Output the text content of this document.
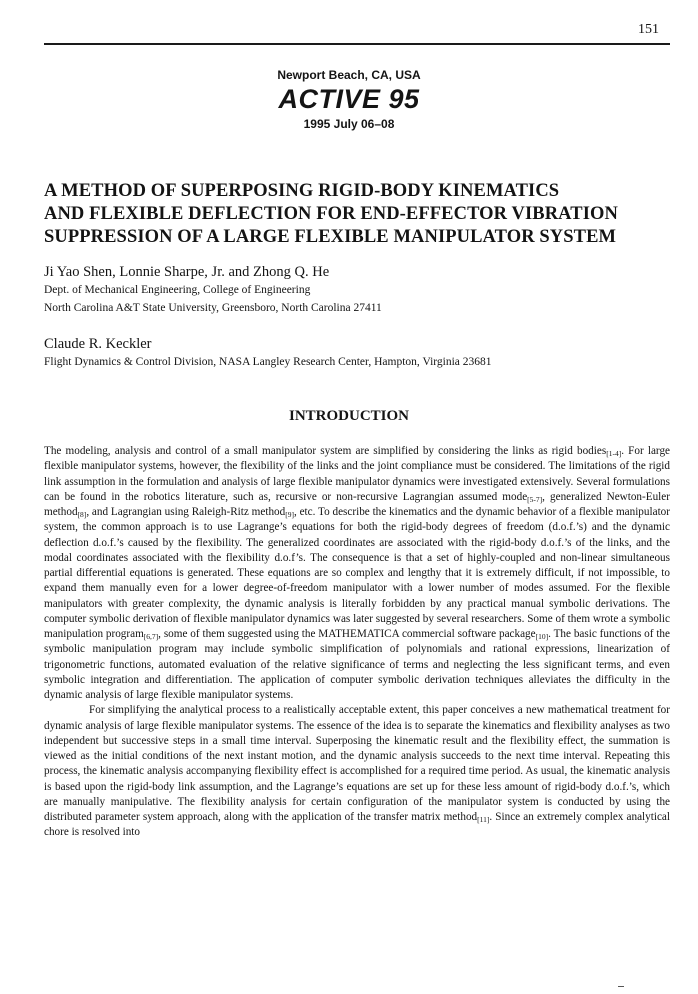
151
Newport Beach, CA, USA
ACTIVE 95
1995 July 06–08
A METHOD OF SUPERPOSING RIGID-BODY KINEMATICS
AND FLEXIBLE DEFLECTION FOR END-EFFECTOR VIBRATION
SUPPRESSION OF A LARGE FLEXIBLE MANIPULATOR SYSTEM
Ji Yao Shen, Lonnie Sharpe, Jr. and Zhong Q. He
Dept. of Mechanical Engineering, College of Engineering
North Carolina A&T State University, Greensboro, North Carolina 27411
Claude R. Keckler
Flight Dynamics & Control Division, NASA Langley Research Center, Hampton, Virginia 23681
INTRODUCTION

The modeling, analysis and control of a small manipulator system are simplified by considering the links as rigid bodies$_{[1-4]}$. For large flexible manipulator systems, however, the flexibility of the links and the joint compliance must be considered. The limitations of the rigid link assumption in the formulation and analysis of large flexible manipulator dynamics were investigated extensively. Several formulations can be found in the robotics literature, such as, recursive or non-recursive Lagrangian assumed mode$_{[5-7]}$, generalized Newton-Euler method$_{[8]}$, and Lagrangian using Raleigh-Ritz method$_{[9]}$, etc. To describe the kinematics and the dynamic behavior of a flexible manipulator system, the common approach is to use Lagrange’s equations for both the rigid-body degrees of freedom (d.o.f.’s) and the dynamic deflection d.o.f.’s caused by the flexibility. The generalized coordinates are associated with the rigid-body d.o.f.’s of the links, and the modal coordinates associated with the flexibility d.o.f’s. The consequence is that a set of highly-coupled and non-linear simultaneous partial differential equations is generated. These equations are so complex and lengthy that it is extremely difficult, if not impossible, to expand them manually even for a lower degree-of-freedom manipulator with a lower number of modes assumed. For the flexible manipulators with greater complexity, the dynamic analysis is literally forbidden by any practical manual symbolic derivations. The computer symbolic derivation of flexible manipulator dynamics was later suggested by several researchers. Some of them wrote a symbolic manipulation program$_{[6,7]}$, some of them suggested using the MATHEMATICA commercial software package$_{[10]}$. The basic functions of the symbolic manipulation program may include symbolic simplification of polynomials and rational expressions, linearization of trigonometric functions, automated evaluation of the relative significance of terms and neglecting the less significant terms, and even symbolic integration and differentiation. The application of computer symbolic derivation techniques alleviates the difficulty in the dynamic analysis of large flexible manipulator systems.

For simplifying the analytical process to a realistically acceptable extent, this paper conceives a new mathematical treatment for dynamic analysis of large flexible manipulator systems. The essence of the idea is to separate the kinematics and flexibility analyses as two independent but successive steps in a small time interval. Superposing the kinematic result and the flexibility effect, the summation is viewed as the initial conditions of the next instant motion, and the dynamic analysis succeeds to the next time interval. Repeating this process, the kinematic analysis accompanying flexibility effect is accomplished for a required time period. As usual, the kinematic analysis is based upon the rigid-body link assumption, and the Lagrange’s equations are set up for these less amount of rigid-body d.o.f.’s, which are manually manipulative. The flexibility analysis for certain configuration of the manipulator system is conducted by using the distributed parameter system approach, along with the application of the transfer matrix method$_{[11]}$. Since an extremely complex analytical chore is resolved into
